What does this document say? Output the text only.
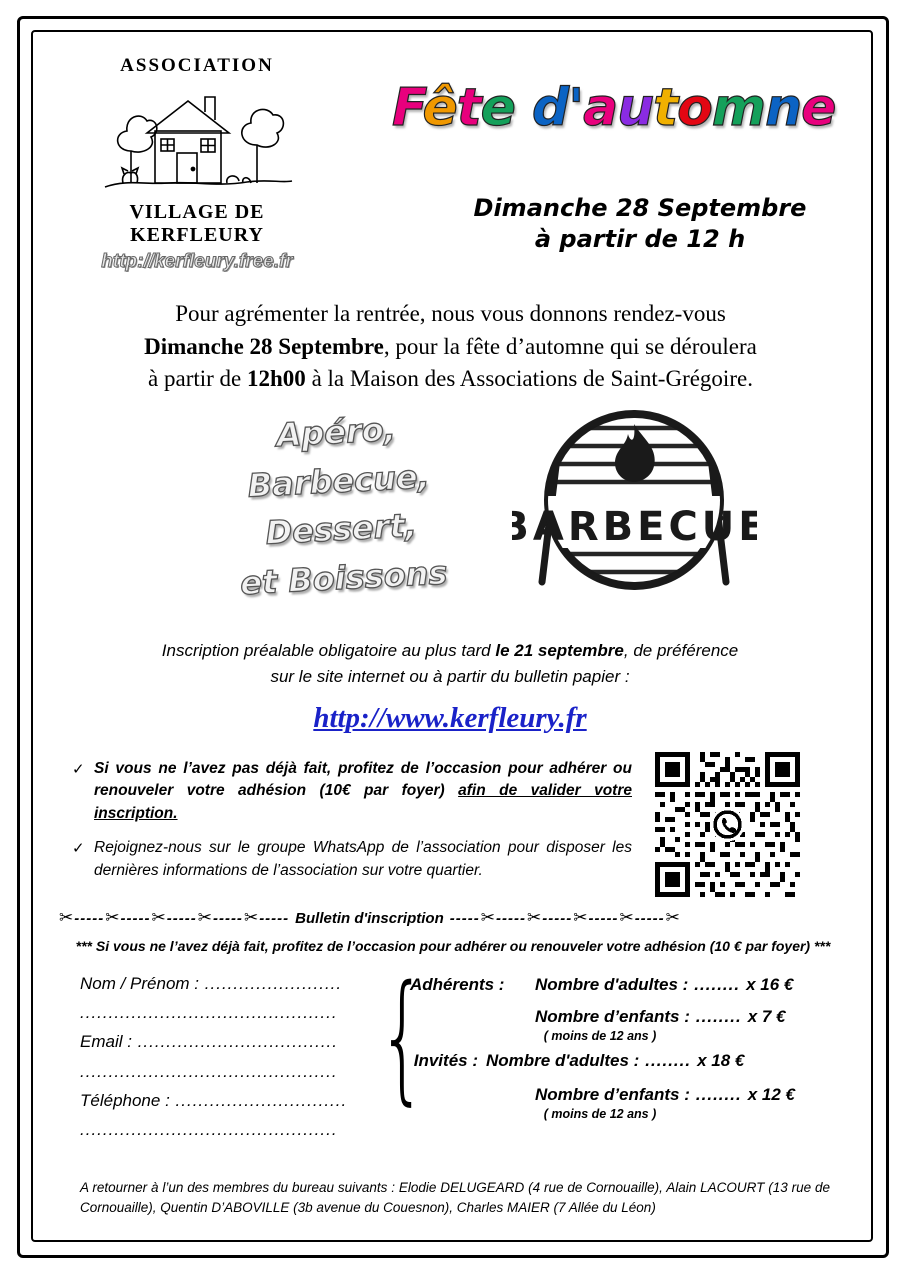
ASSOCIATION
VILLAGE DE KERFLEURY
http://kerfleury.free.fr
Fête d'automne
Dimanche 28 Septembre
à partir de 12 h
Pour agrémenter la rentrée, nous vous donnons rendez-vous
Dimanche 28 Septembre, pour la fête d’automne qui se déroulera
à partir de 12h00 à la Maison des Associations de Saint-Grégoire.
Apéro,
Barbecue,
Dessert,
et Boissons
BARBECUE
Inscription préalable obligatoire au plus tard le 21 septembre, de préférence
sur le site internet ou à partir du bulletin papier :
http://www.kerfleury.fr
✓ Si vous ne l’avez pas déjà fait, profitez de l’occasion pour adhérer ou renouveler votre adhésion (10€ par foyer) afin de valider votre inscription.
✓ Rejoignez-nous sur le groupe WhatsApp de l’association pour disposer les dernières informations de l’association sur votre quartier.
✂ ----- ✂ ----- ✂ ----- ✂ ----- ✂ ----- Bulletin d'inscription ----- ✂ ----- ✂ ----- ✂ ----- ✂ ----- ✂
*** Si vous ne l’avez déjà fait, profitez de l’occasion pour adhérer ou renouveler votre adhésion (10 € par foyer) ***
Nom / Prénom : ........................
.............................................
Email : ...................................
.............................................
Téléphone : ..............................
.............................................
{
Adhérents :	Nombre d'adultes : ........ x 16 €
Nombre d’enfants : ........ x 7 €
( moins de 12 ans )
Invités : Nombre d'adultes : ........ x 18 €
Nombre d’enfants : ........ x 12 €
( moins de 12 ans )
A retourner à l’un des membres du bureau suivants : Elodie DELUGEARD (4 rue de Cornouaille), Alain LACOURT (13 rue de Cornouaille), Quentin D’ABOVILLE (3b avenue du Couesnon), Charles MAIER (7 Allée du Léon)
